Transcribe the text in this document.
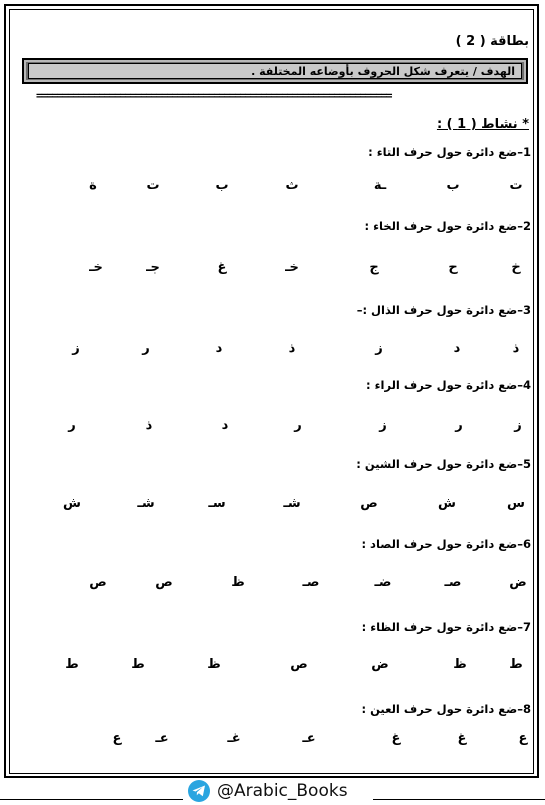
بطاقة ( 2 )
الهدف / يتعرف شكل الحروف بأوضاعه المختلفة .
====================================================================
* نشاط ( 1 ) :
1–ضع دائرة حول حرف التاء :
ت
ب
ـة
ث
ب
ت
ة
2–ضع دائرة حول حرف الخاء :
خ
ح
ج
خـ
غ
جـ
خـ
3–ضع دائرة حول حرف الذال :–
ذ
د
ز
ذ
د
ر
ز
4–ضع دائرة حول حرف الراء :
ز
ر
ز
ر
د
ذ
ر
5–ضع دائرة حول حرف الشين :
س
ش
ص
شـ
سـ
شـ
ش
6–ضع دائرة حول حرف الصاد :
ض
صـ
ضـ
صـ
ظ
ص
ص
7–ضع دائرة حول حرف الظاء :
ط
ظ
ض
ص
ظ
ط
ط
8–ضع دائرة حول حرف العين :
ع
غ
غ
عـ
غـ
عـ
ع
@Arabic_Books
